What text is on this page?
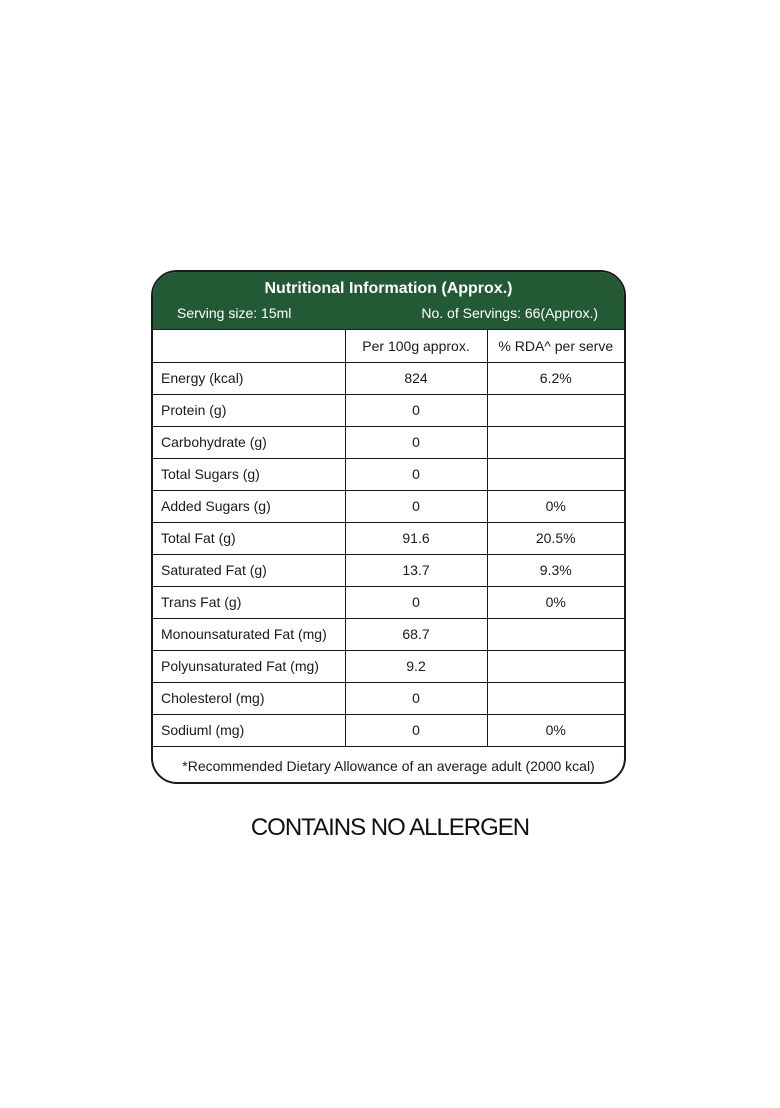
Nutritional Information (Approx.)
Serving size: 15ml	No. of Servings: 66(Approx.)
	Per 100g approx.	% RDA^ per serve
Energy (kcal)	824	6.2%
Protein (g)	0	
Carbohydrate (g)	0	
Total Sugars (g)	0	
Added Sugars (g)	0	0%
Total Fat (g)	91.6	20.5%
Saturated Fat (g)	13.7	9.3%
Trans Fat (g)	0	0%
Monounsaturated Fat (mg)	68.7	
Polyunsaturated Fat (mg)	9.2	
Cholesterol (mg)	0	
Sodiuml (mg)	0	0%
*Recommended Dietary Allowance of an average adult (2000 kcal)
CONTAINS NO ALLERGEN
